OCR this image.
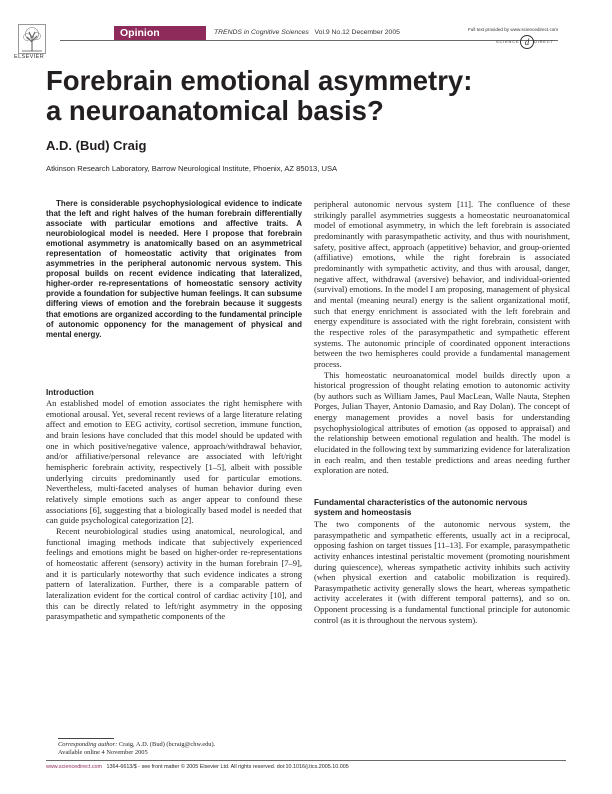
ELSEVIER
Opinion	TRENDS in Cognitive Sciences Vol.9 No.12 December 2005	Full text provided by www.sciencedirect.com
SCIENCE d	DIRECT
Forebrain emotional asymmetry:
a neuroanatomical basis?
A.D. (Bud) Craig
Atkinson Research Laboratory, Barrow Neurological Institute, Phoenix, AZ 85013, USA

There is considerable psychophysiological evidence to indicate that the left and right halves of the human forebrain differentially associate with particular emotions and affective traits. A neurobiological model is needed. Here I propose that forebrain emotional asymmetry is anatomically based on an asymmetrical representation of homeostatic activity that originates from asymmetries in the peripheral autonomic nervous system. This proposal builds on recent evidence indicating that lateralized, higher-order re-representations of homeostatic sensory activity provide a foundation for subjective human feelings. It can subsume differing views of emotion and the forebrain because it suggests that emotions are organized according to the fundamental principle of autonomic opponency for the management of physical and mental energy.

Introduction

An established model of emotion associates the right hemisphere with emotional arousal. Yet, several recent reviews of a large literature relating affect and emotion to EEG activity, cortisol secretion, immune function, and brain lesions have concluded that this model should be updated with one in which positive/negative valence, approach/withdrawal behavior, and/or affiliative/personal relevance are associated with left/right hemispheric forebrain activity, respectively [1–5], albeit with possible underlying circuits predominantly used for particular emotions. Nevertheless, multi-faceted analyses of human behavior during even relatively simple emotions such as anger appear to confound these associations [6], suggesting that a biologically based model is needed that can guide psychological categorization [2].

Recent neurobiological studies using anatomical, neurological, and functional imaging methods indicate that subjectively experienced feelings and emotions might be based on higher-order re-representations of homeostatic afferent (sensory) activity in the human forebrain [7–9], and it is particularly noteworthy that such evidence indicates a strong pattern of lateralization. Further, there is a comparable pattern of lateralization evident for the cortical control of cardiac activity [10], and this can be directly related to left/right asymmetry in the opposing parasympathetic and sympathetic components of the

peripheral autonomic nervous system [11]. The confluence of these strikingly parallel asymmetries suggests a homeostatic neuroanatomical model of emotional asymmetry, in which the left forebrain is associated predominantly with parasympathetic activity, and thus with nourishment, safety, positive affect, approach (appetitive) behavior, and group-oriented (affiliative) emotions, while the right forebrain is associated predominantly with sympathetic activity, and thus with arousal, danger, negative affect, withdrawal (aversive) behavior, and individual-oriented (survival) emotions. In the model I am proposing, management of physical and mental (meaning neural) energy is the salient organizational motif, such that energy enrichment is associated with the left forebrain and energy expenditure is associated with the right forebrain, consistent with the respective roles of the parasympathetic and sympathetic efferent systems. The autonomic principle of coordinated opponent interactions between the two hemispheres could provide a fundamental management process.

This homeostatic neuroanatomical model builds directly upon a historical progression of thought relating emotion to autonomic activity (by authors such as William James, Paul MacLean, Walle Nauta, Stephen Porges, Julian Thayer, Antonio Damasio, and Ray Dolan). The concept of energy management provides a novel basis for understanding psychophysiological attributes of emotion (as opposed to appraisal) and the relationship between emotional regulation and health. The model is elucidated in the following text by summarizing evidence for lateralization in each realm, and then testable predictions and areas needing further exploration are noted.

Fundamental characteristics of the autonomic nervous
system and homeostasis

The two components of the autonomic nervous system, the parasympathetic and sympathetic efferents, usually act in a reciprocal, opposing fashion on target tissues [11–13]. For example, parasympathetic activity enhances intestinal peristaltic movement (promoting nourishment during quiescence), whereas sympathetic activity inhibits such activity (when physical exertion and catabolic mobilization is required). Parasympathetic activity generally slows the heart, whereas sympathetic activity accelerates it (with different temporal patterns), and so on. Opponent processing is a fundamental functional principle for autonomic control (as it is throughout the nervous system).

Corresponding author: Craig, A.D. (Bud) (bcraig@chw.edu).
Available online 4 November 2005
www.sciencedirect.com 1364-6613/$ - see front matter © 2005 Elsevier Ltd. All rights reserved. doi:10.1016/j.tics.2005.10.005
